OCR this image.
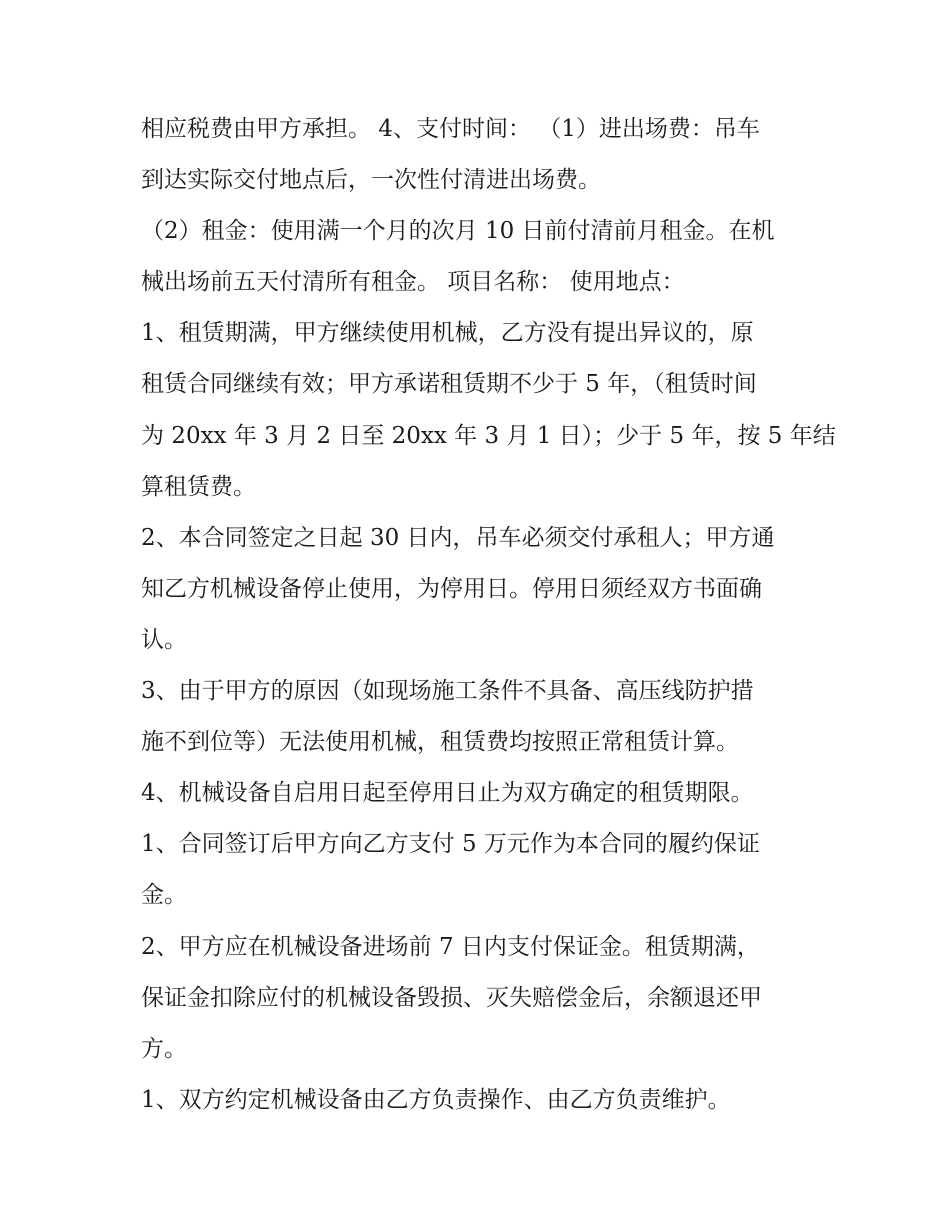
相应税费由甲方承担。 4、支付时间： （1）进出场费：吊车
到达实际交付地点后，一次性付清进出场费。
（2）租金：使用满一个月的次月 10 日前付清前月租金。在机
械出场前五天付清所有租金。 项目名称： 使用地点：
1、租赁期满，甲方继续使用机械，乙方没有提出异议的，原
租赁合同继续有效；甲方承诺租赁期不少于 5 年，（租赁时间
为 20xx 年 3 月 2 日至 20xx 年 3 月 1 日）；少于 5 年，按 5 年结
算租赁费。
2、本合同签定之日起 30 日内，吊车必须交付承租人；甲方通
知乙方机械设备停止使用，为停用日。停用日须经双方书面确
认。
3、由于甲方的原因（如现场施工条件不具备、高压线防护措
施不到位等）无法使用机械，租赁费均按照正常租赁计算。
4、机械设备自启用日起至停用日止为双方确定的租赁期限。
1、合同签订后甲方向乙方支付 5 万元作为本合同的履约保证
金。
2、甲方应在机械设备进场前 7 日内支付保证金。租赁期满，
保证金扣除应付的机械设备毁损、灭失赔偿金后，余额退还甲
方。
1、双方约定机械设备由乙方负责操作、由乙方负责维护。
